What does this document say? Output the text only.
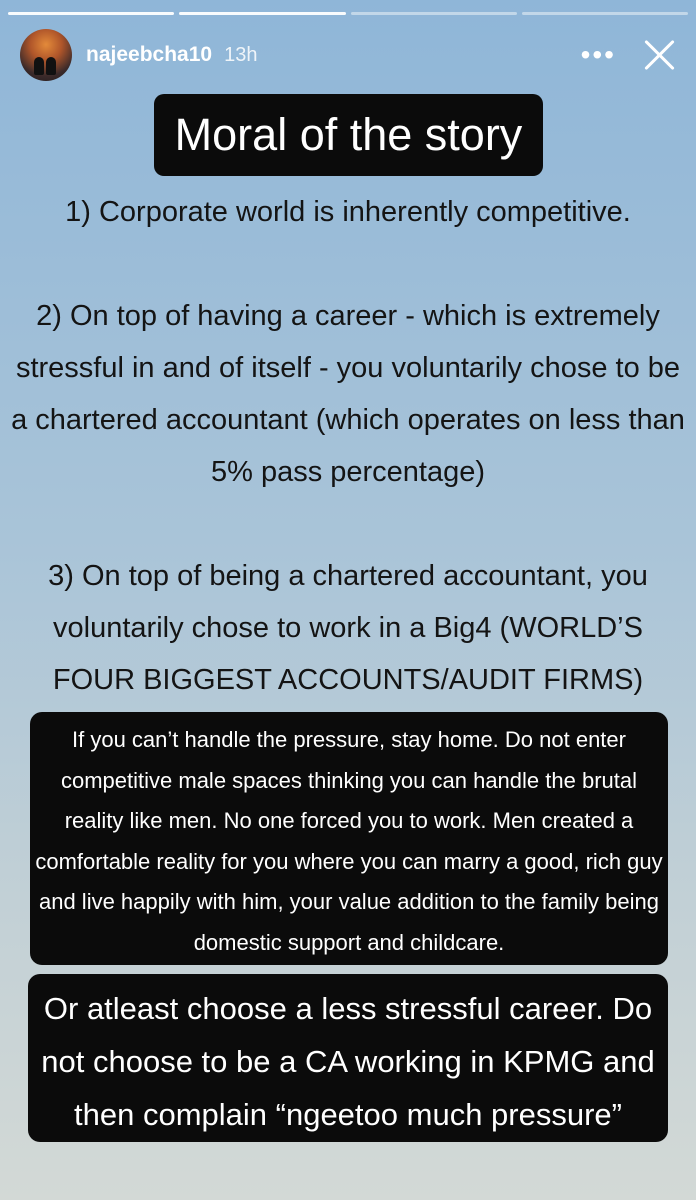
najeebcha10 13h	•••
Moral of the story

1) Corporate world is inherently competitive.

2) On top of having a career - which is extremely stressful in and of itself - you voluntarily chose to be a chartered accountant (which operates on less than 5% pass percentage)

3) On top of being a chartered accountant, you voluntarily chose to work in a Big4 (WORLD’S FOUR BIGGEST ACCOUNTS/AUDIT FIRMS)

If you can’t handle the pressure, stay home. Do not enter competitive male spaces thinking you can handle the brutal reality like men. No one forced you to work. Men created a comfortable reality for you where you can marry a good, rich guy and live happily with him, your value addition to the family being domestic support and childcare.
Or atleast choose a less stressful career. Do not choose to be a CA working in KPMG and then complain “ngeetoo much pressure”
